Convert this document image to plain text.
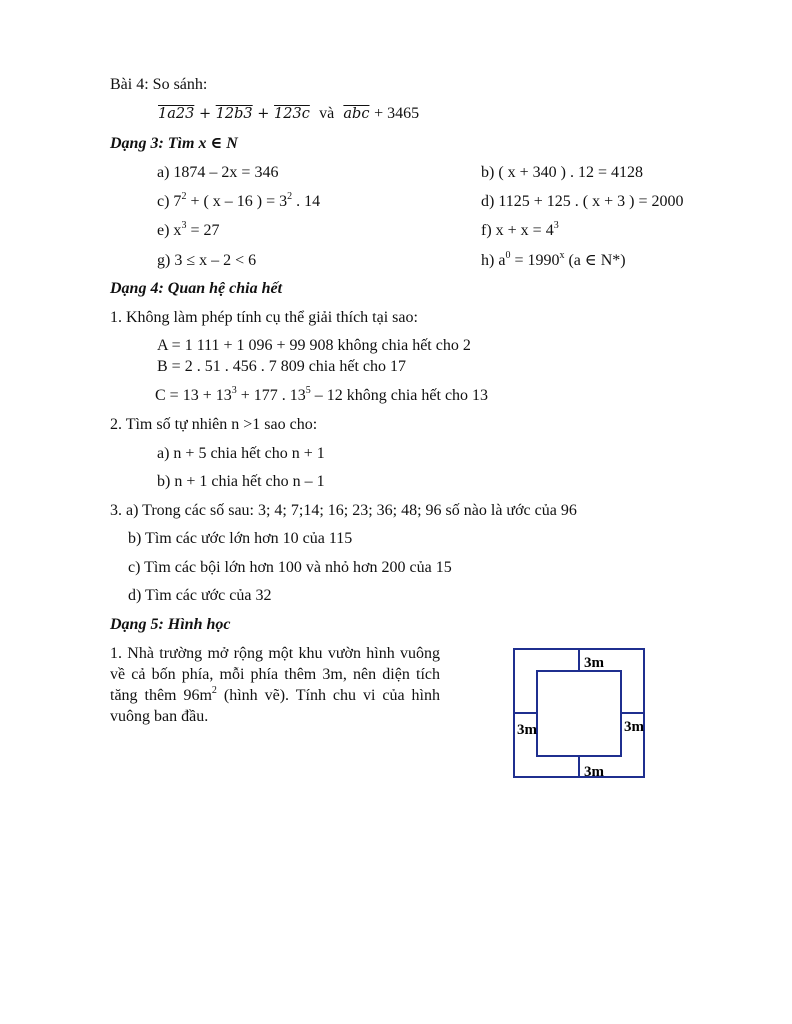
Bài 4: So sánh:
1a23 + 12b3 + 123c và $\overline{abc} + 3465$
Dạng 3: Tìm x ∈ N
a) 1874 – 2x = 346	b) ( x + 340 ) . 12 = 4128
c) $7^2$ + ( x – 16 ) = $3^2$ . 14	d) 1125 + 125 . ( x + 3 ) = 2000
e) $x^3 = 27$	f) $x + x = 4^3$
g) 3 ≤ x – 2 < 6	h) $a^0 = 1990^x$ (a ∈ N*)
Dạng 4: Quan hệ chia hết
1. Không làm phép tính cụ thể giải thích tại sao:
A = 1 111 + 1 096 + 99 908 không chia hết cho 2
B = 2 . 51 . 456 . 7 809 chia hết cho 17
$C = 13 + 13^3 + 177$ . $13^5 - 12$ không chia hết cho 13
2. Tìm số tự nhiên n >1 sao cho:
a) n + 5 chia hết cho n + 1
b) n + 1 chia hết cho n – 1
3. a) Trong các số sau: 3; 4; 7;14; 16; 23; 36; 48; 96 số nào là ước của 96
b) Tìm các ước lớn hơn 10 của 115
c) Tìm các bội lớn hơn 100 và nhỏ hơn 200 của 15
d) Tìm các ước của 32
Dạng 5: Hình học
1. Nhà trường mở rộng một khu vườn hình vuông về cả bốn phía, mỗi phía thêm 3m, nên diện tích tăng thêm $96m^2$ (hình vẽ). Tính chu vi của hình vuông ban đầu.
3m
3m	3m
3m
